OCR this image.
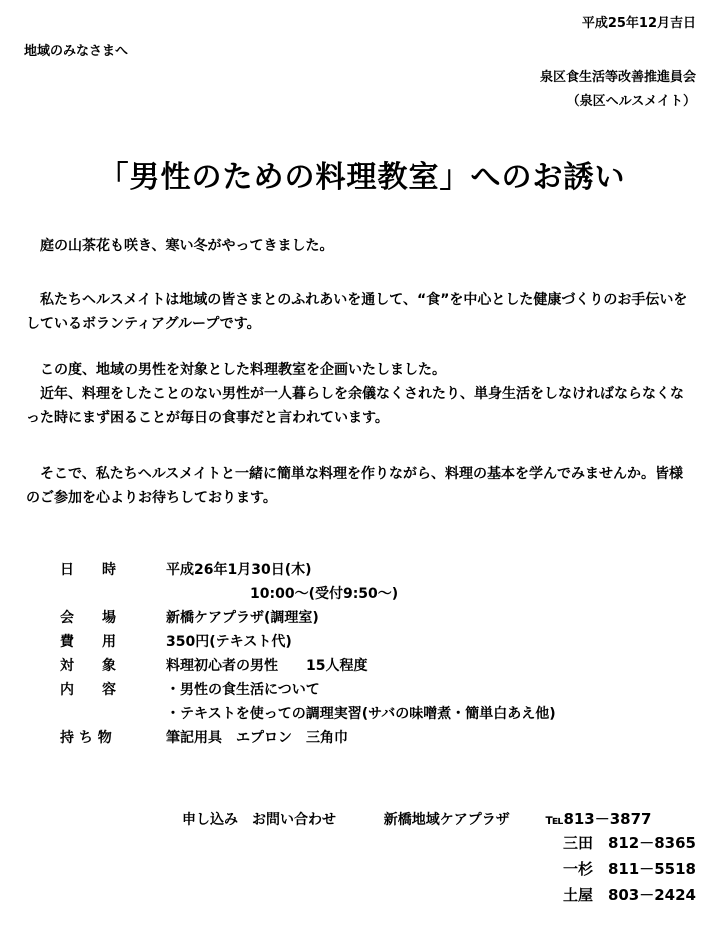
平成25年12月吉日
地域のみなさまへ
泉区食生活等改善推進員会
（泉区ヘルスメイト）
「男性のための料理教室」へのお誘い
　庭の山茶花も咲き、寒い冬がやってきました。
　私たちヘルスメイトは地域の皆さまとのふれあいを通して、“食”を中心とした健康づくりのお手伝いをしているボランティアグループです。
　この度、地域の男性を対象とした料理教室を企画いたしました。
　近年、料理をしたことのない男性が一人暮らしを余儀なくされたり、単身生活をしなければならなくなった時にまず困ることが毎日の食事だと言われています。
　そこで、私たちヘルスメイトと一緒に簡単な料理を作りながら、料理の基本を学んでみませんか。皆様のご参加を心よりお待ちしております。
日　　時	平成26年1月30日(木)
10:00～(受付9:50～)
会　　場	新橋ケアプラザ(調理室)
費　　用	350円(テキスト代)
対　　象	料理初心者の男性　　15人程度
内　　容	・男性の食生活について
・テキストを使っての調理実習(サバの味噌煮・簡単白あえ他)
持 ち 物	筆記用具　エプロン　三角巾
申し込み　お問い合わせ	新橋地域ケアプラザ	℡813－3877
三田　812－8365
一杉　811－5518
土屋　803－2424
